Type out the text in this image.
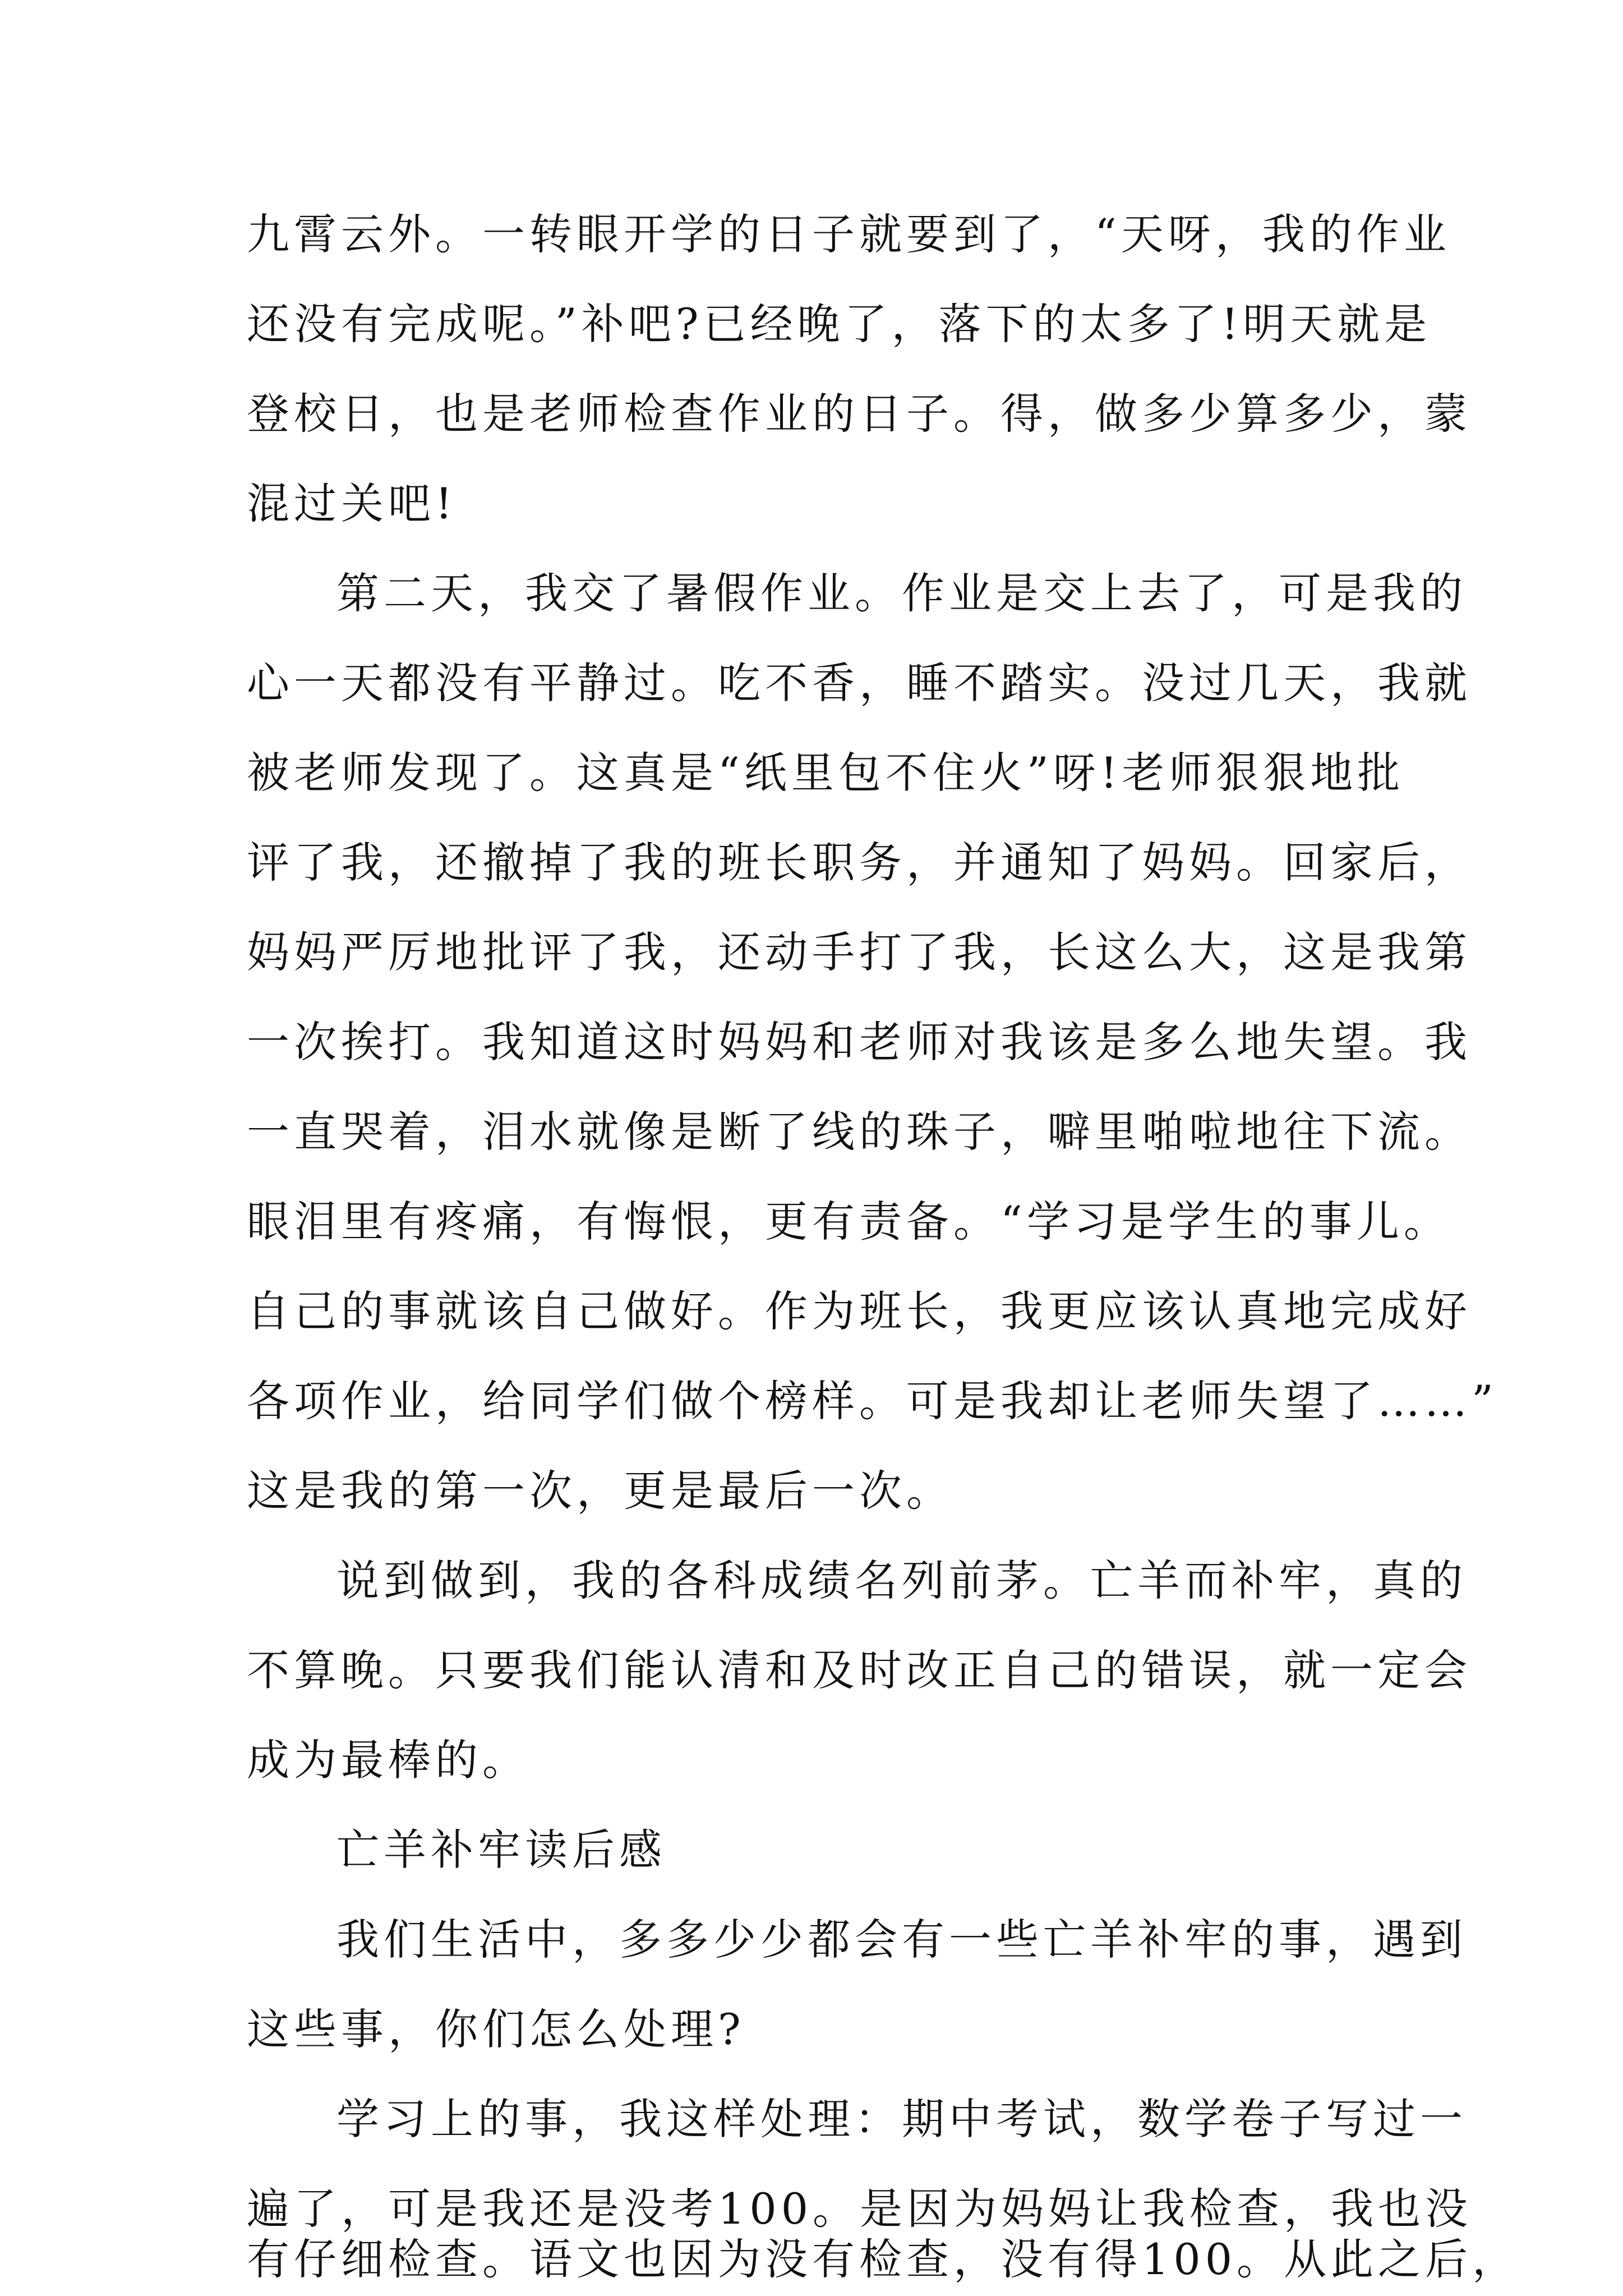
九霄云外。一转眼开学的日子就要到了，“天呀，我的作业
还没有完成呢。”补吧?已经晚了，落下的太多了!明天就是
登校日，也是老师检查作业的日子。得，做多少算多少，蒙
混过关吧!
第二天，我交了暑假作业。作业是交上去了，可是我的
心一天都没有平静过。吃不香，睡不踏实。没过几天，我就
被老师发现了。这真是“纸里包不住火”呀!老师狠狠地批
评了我，还撤掉了我的班长职务，并通知了妈妈。回家后，
妈妈严厉地批评了我，还动手打了我，长这么大，这是我第
一次挨打。我知道这时妈妈和老师对我该是多么地失望。我
一直哭着，泪水就像是断了线的珠子，噼里啪啦地往下流。
眼泪里有疼痛，有悔恨，更有责备。“学习是学生的事儿。
自己的事就该自己做好。作为班长，我更应该认真地完成好
各项作业，给同学们做个榜样。可是我却让老师失望了……”
这是我的第一次，更是最后一次。
说到做到，我的各科成绩名列前茅。亡羊而补牢，真的
不算晚。只要我们能认清和及时改正自己的错误，就一定会
成为最棒的。
亡羊补牢读后感
我们生活中，多多少少都会有一些亡羊补牢的事，遇到
这些事，你们怎么处理?
学习上的事，我这样处理：期中考试，数学卷子写过一
遍了，可是我还是没考100。是因为妈妈让我检查，我也没
有仔细检查。语文也因为没有检查，没有得100。从此之后，
